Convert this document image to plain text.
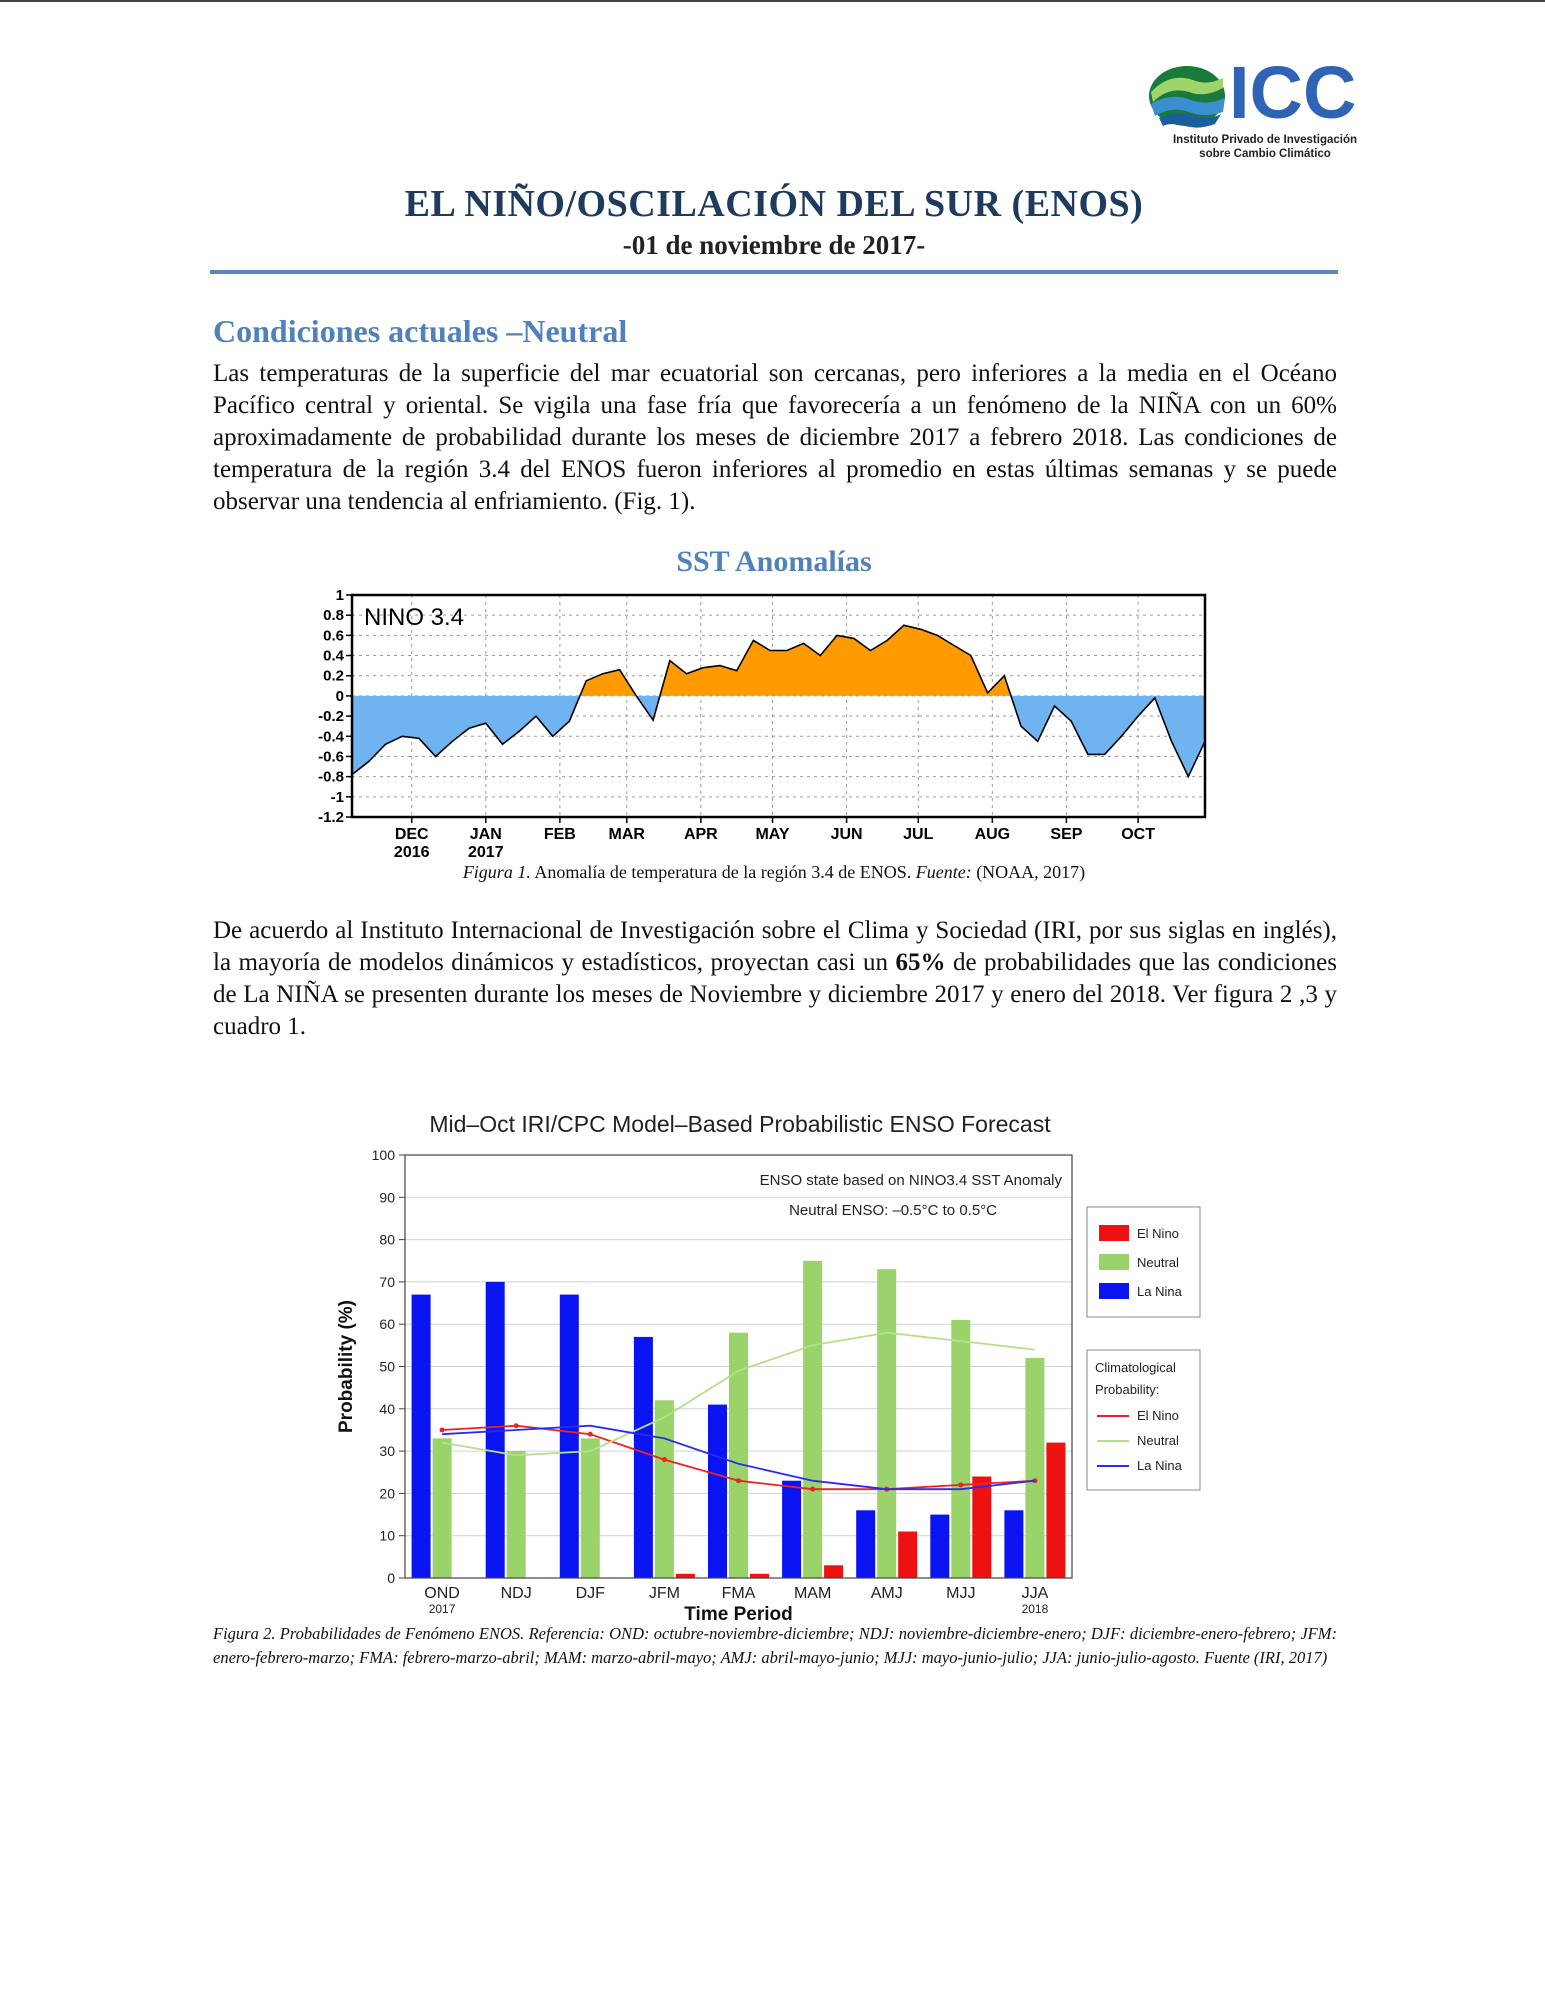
ICC
Instituto Privado de Investigación
sobre Cambio Climático
EL NIÑO/OSCILACIÓN DEL SUR (ENOS)
-01 de noviembre de 2017-
Condiciones actuales –Neutral
Las temperaturas de la superficie del mar ecuatorial son cercanas, pero inferiores a la media en el Océano Pacífico central y oriental. Se vigila una fase fría que favorecería a un fenómeno de la NIÑA con un 60% aproximadamente de probabilidad durante los meses de diciembre 2017 a febrero 2018. Las condiciones de temperatura de la región 3.4 del ENOS fueron inferiores al promedio en estas últimas semanas y se puede observar una tendencia al enfriamiento. (Fig. 1).
SST Anomalías
1
0.8
0.6
0.4
0.2
0
-0.2
-0.4
-0.6
-0.8
-1
-1.2
DEC
2016
JAN
2017
FEB MAR APR MAY	JUN	JUL	AUG	SEP OCT
NINO 3.4
Figura 1. Anomalía de temperatura de la región 3.4 de ENOS. Fuente: (NOAA, 2017)
De acuerdo al Instituto Internacional de Investigación sobre el Clima y Sociedad (IRI, por sus siglas en inglés), la mayoría de modelos dinámicos y estadísticos, proyectan casi un 65% de probabilidades que las condiciones de La NIÑA se presenten durante los meses de Noviembre y diciembre 2017 y enero del 2018. Ver figura 2 ,3 y cuadro 1.
Mid–Oct IRI/CPC Model–Based Probabilistic ENSO Forecast
0
10
20
30
40
50
60
70
80
90
100
ENSO state based on NINO3.4 SST Anomaly
Neutral ENSO: –0.5°C to 0.5°C
OND
2017
NDJ	DJF	JFM	FMA MAM AMJ	MJJ	JJA
2018
Time Period
Probability (%)
El Nino
Neutral
La Nina
Climatological
Probability:
El Nino
Neutral
La Nina
Figura 2. Probabilidades de Fenómeno ENOS. Referencia: OND: octubre-noviembre-diciembre; NDJ: noviembre-diciembre-enero; DJF: diciembre-enero-febrero; JFM: enero-febrero-marzo; FMA: febrero-marzo-abril; MAM: marzo-abril-mayo; AMJ: abril-mayo-junio; MJJ: mayo-junio-julio; JJA: junio-julio-agosto. Fuente (IRI, 2017)
